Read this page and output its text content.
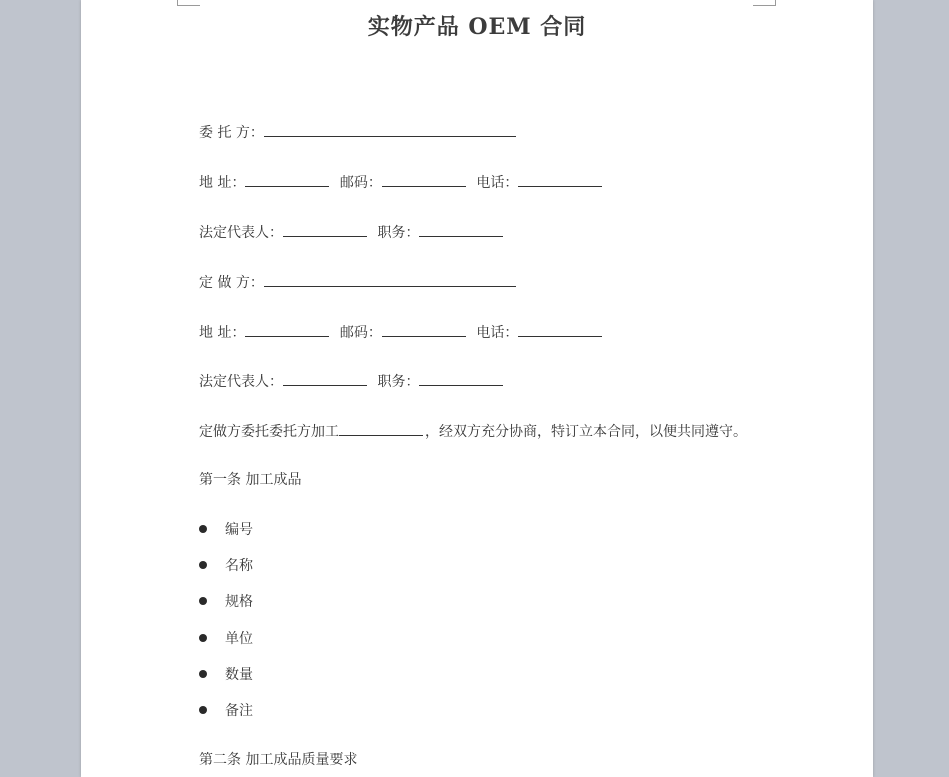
实物产品 OEM 合同
委 托 方：
地 址：	邮码：	电话：
法定代表人：	职务：
定 做 方：
地 址：	邮码：	电话：
法定代表人：	职务：
定做方委托委托方加工	，经双方充分协商，特订立本合同，以便共同遵守。
第一条 加工成品
编号
名称
规格
单位
数量
备注
第二条 加工成品质量要求
